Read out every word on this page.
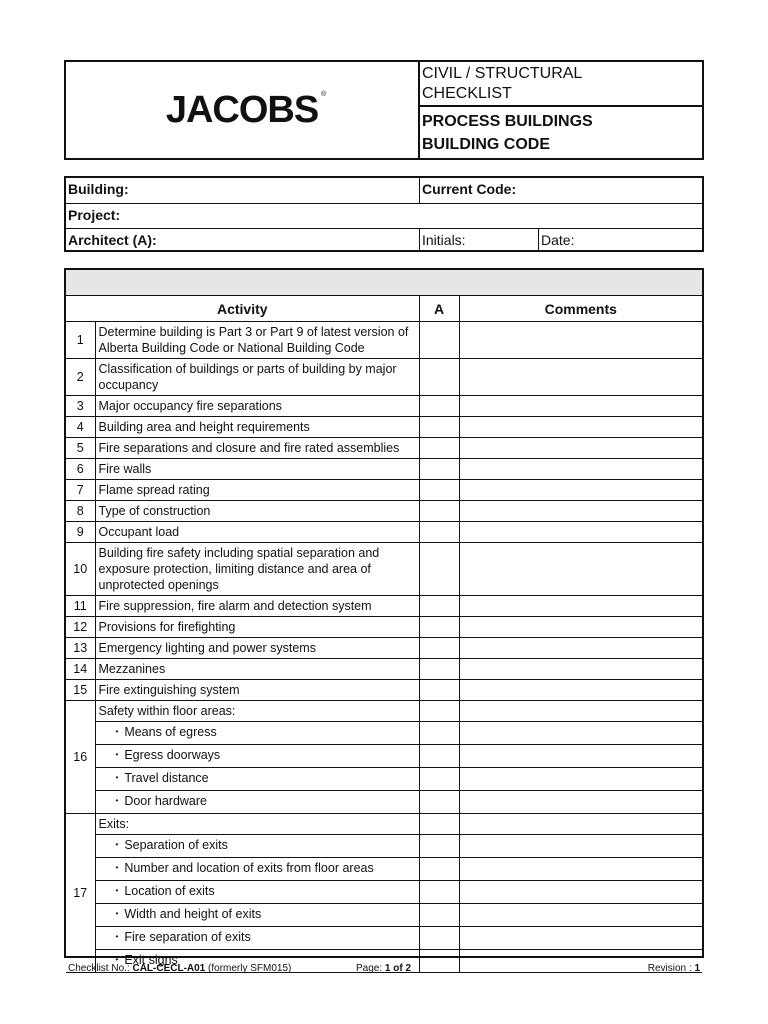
JACOBS ®
CIVIL / STRUCTURAL
CHECKLIST
PROCESS BUILDINGS
BUILDING CODE
Building:	Current Code:
Project:
Architect (A):	Initials:	Date:
Activity		A	Comments
1	Determine building is Part 3 or Part 9 of latest version of Alberta Building Code or National Building Code		
2	Classification of buildings or parts of building by major occupancy		
3	Major occupancy fire separations		
4	Building area and height requirements		
5	Fire separations and closure and fire rated assemblies		
6	Fire walls		
7	Flame spread rating		
8	Type of construction		
9	Occupant load		
10	Building fire safety including spatial separation and exposure protection, limiting distance and area of unprotected openings		
11	Fire suppression, fire alarm and detection system		
12	Provisions for firefighting		
13	Emergency lighting and power systems		
14	Mezzanines		
15	Fire extinguishing system		
16	Safety within floor areas:		
	• Means of egress		
	• Egress doorways		
	• Travel distance		
	• Door hardware		
17	Exits:		
	• Separation of exits		
	• Number and location of exits from floor areas		
	• Location of exits		
	• Width and height of exits		
	• Fire separation of exits		
	• Exit signs		
Checklist No.: CAL-CECL-A01 (formerly SFM015)	Page: 1 of 2	Revision : 1
